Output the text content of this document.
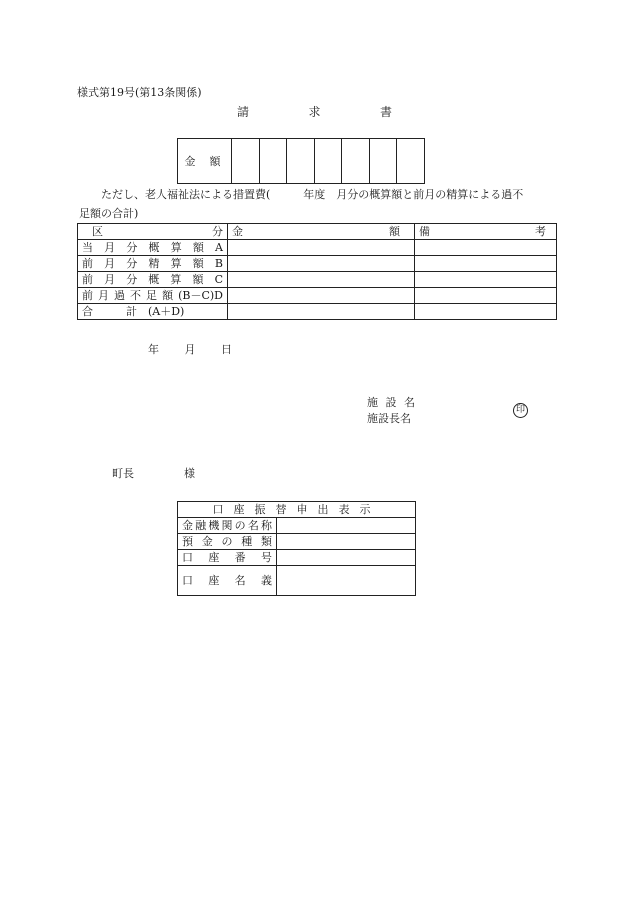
様式第19号(第13条関係)
請	求	書
金額
ただし、老人福祉法による措置費(　　　年度　月分の概算額と前月の精算による過不
足額の合計)
区 分	金 額	備 考

当月分概算額A		
前月分精算額B		
前月分概算額C		
前月過不足額(B－C)D		
合　　　計　(A＋D)		
年 月 日
施 設 名
施設長名
印
町長	様
口座振替申出表示	
金融機関の名称	
預金の種類	
口座番号	
口座名義	
